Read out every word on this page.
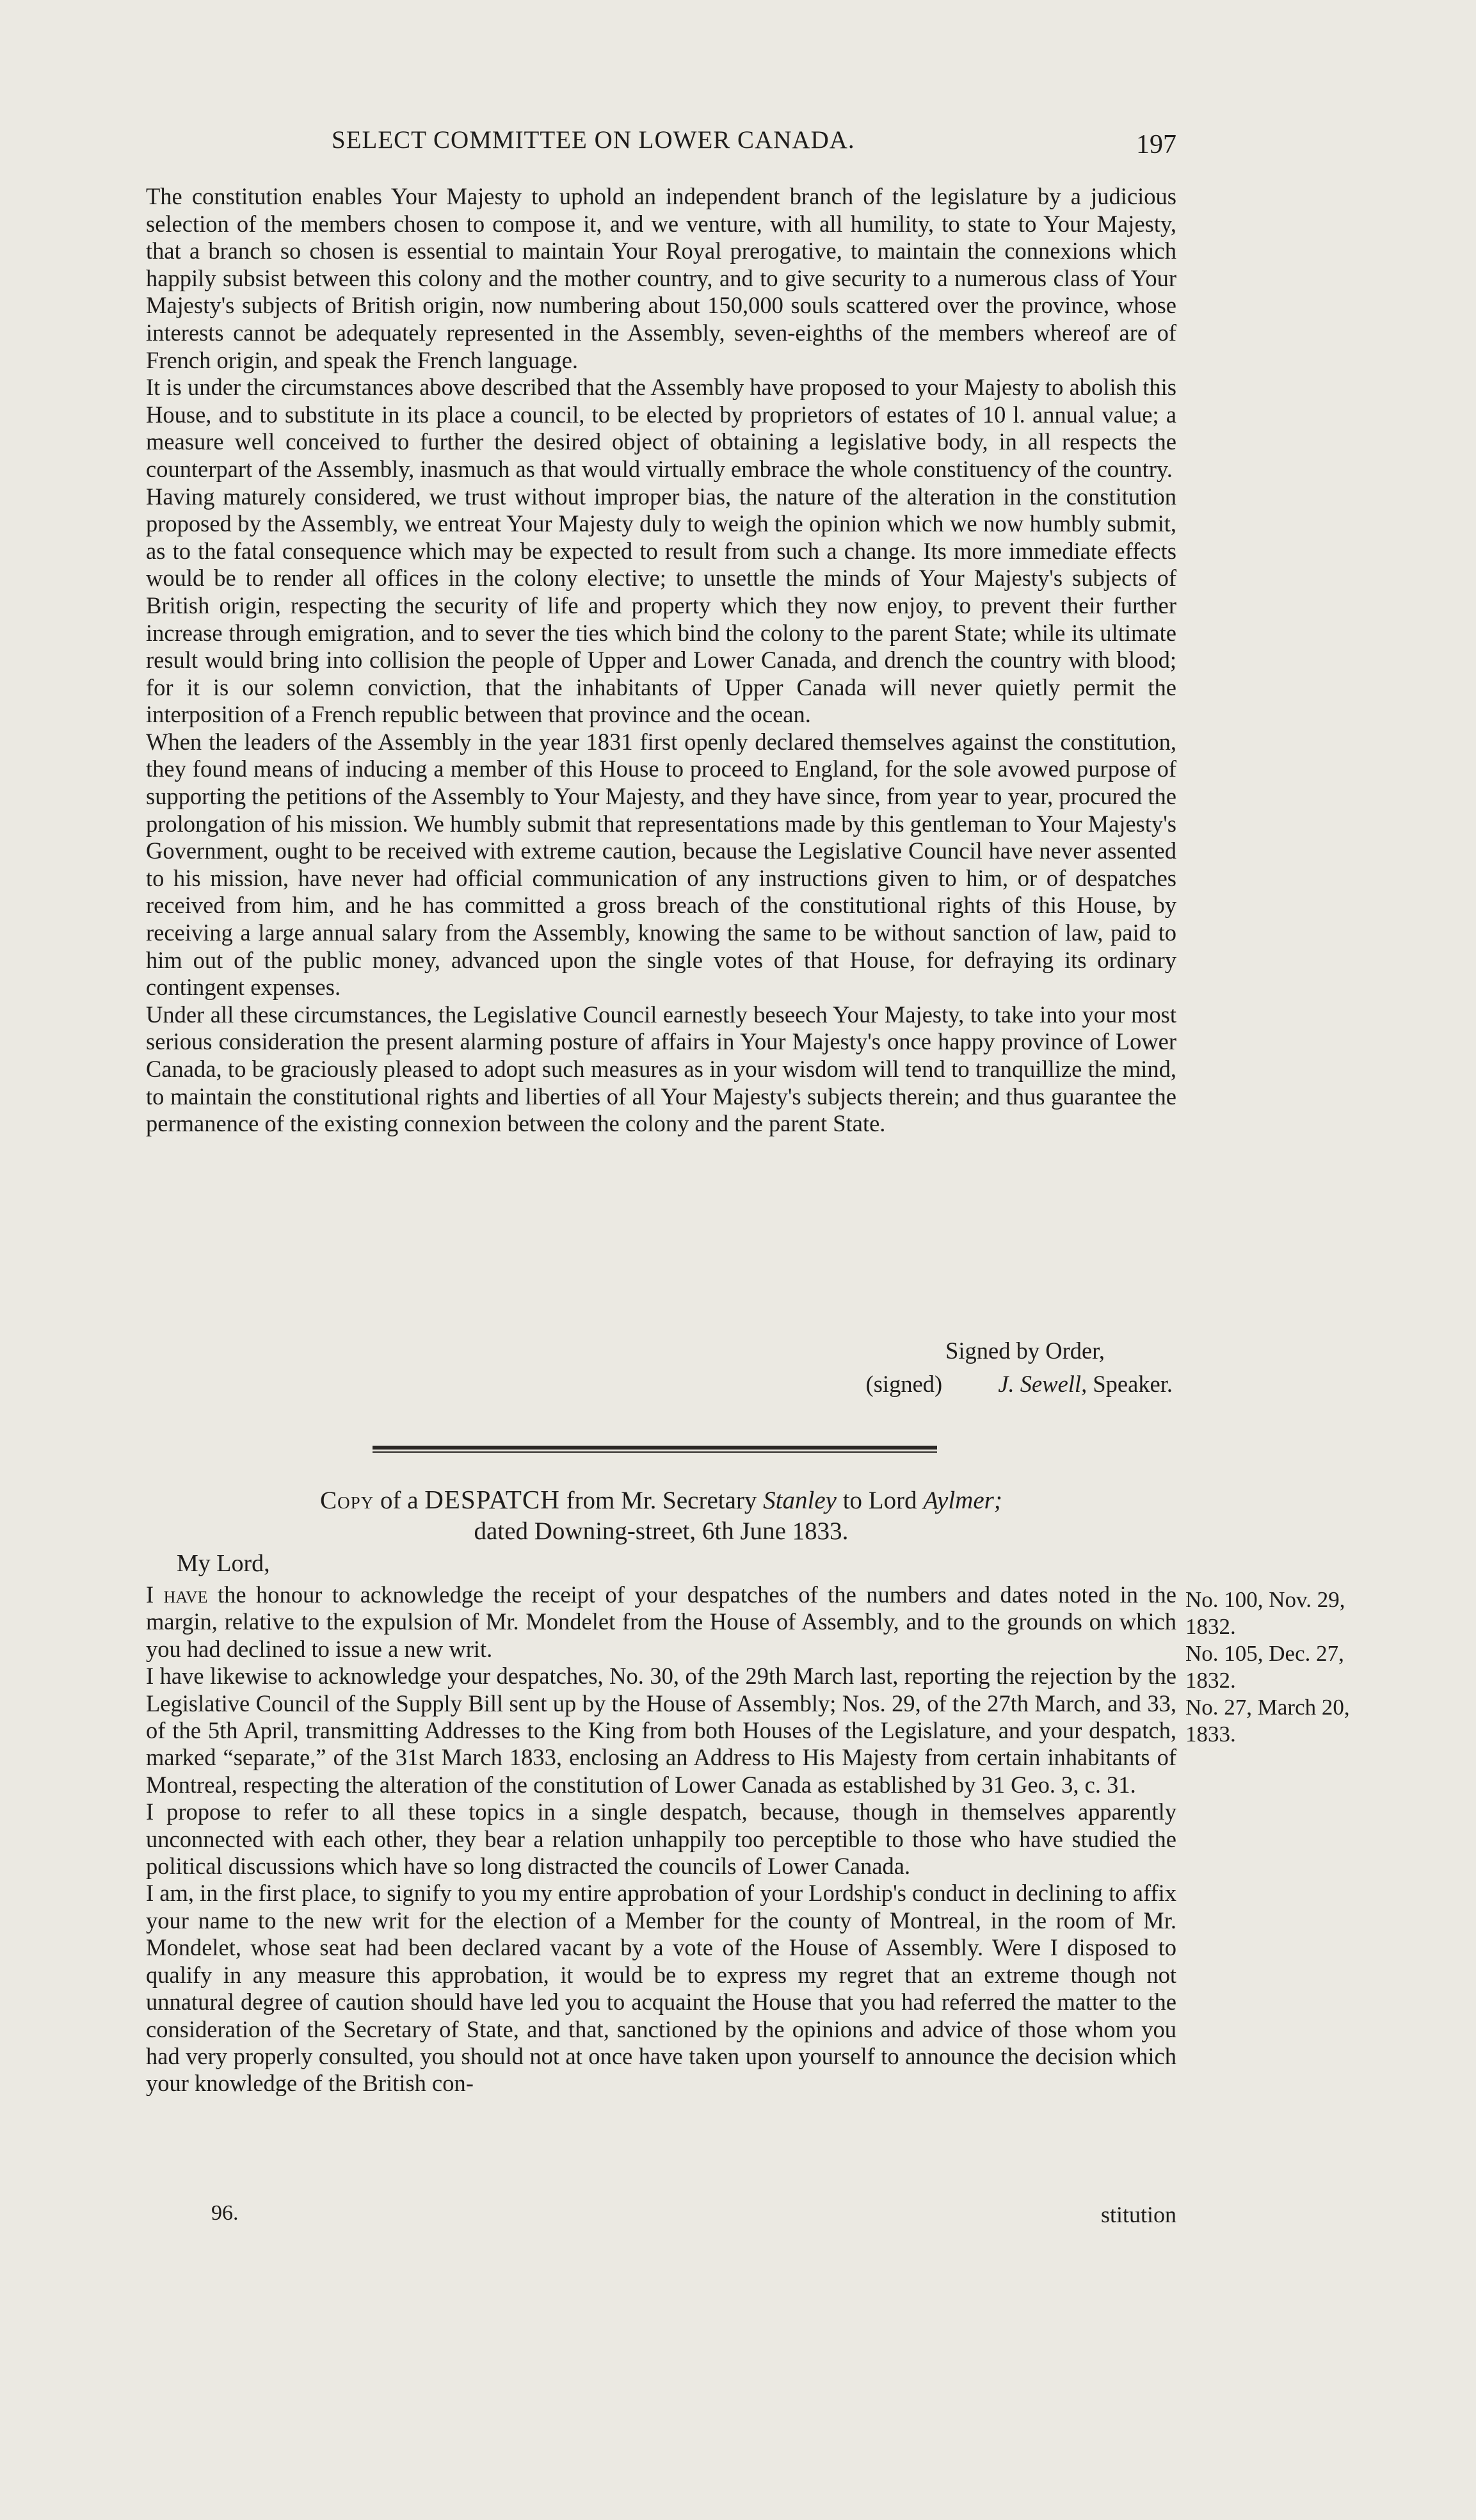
SELECT COMMITTEE ON LOWER CANADA.	197

The constitution enables Your Majesty to uphold an independent branch of the legislature by a judicious selection of the members chosen to compose it, and we venture, with all humility, to state to Your Majesty, that a branch so chosen is essential to maintain Your Royal prerogative, to maintain the connexions which happily subsist between this colony and the mother country, and to give security to a numerous class of Your Majesty's subjects of British origin, now numbering about 150,000 souls scattered over the province, whose interests cannot be adequately represented in the Assembly, seven-eighths of the members whereof are of French origin, and speak the French language.

It is under the circumstances above described that the Assembly have proposed to your Majesty to abolish this House, and to substitute in its place a council, to be elected by proprietors of estates of 10 l. annual value; a measure well conceived to further the desired object of obtaining a legislative body, in all respects the counterpart of the Assembly, inasmuch as that would virtually embrace the whole constituency of the country.

Having maturely considered, we trust without improper bias, the nature of the alteration in the constitution proposed by the Assembly, we entreat Your Majesty duly to weigh the opinion which we now humbly submit, as to the fatal consequence which may be expected to result from such a change. Its more immediate effects would be to render all offices in the colony elective; to unsettle the minds of Your Majesty's subjects of British origin, respecting the security of life and property which they now enjoy, to prevent their further increase through emigration, and to sever the ties which bind the colony to the parent State; while its ultimate result would bring into collision the people of Upper and Lower Canada, and drench the country with blood; for it is our solemn conviction, that the inhabitants of Upper Canada will never quietly permit the interposition of a French republic between that province and the ocean.

When the leaders of the Assembly in the year 1831 first openly declared themselves against the constitution, they found means of inducing a member of this House to proceed to England, for the sole avowed purpose of supporting the petitions of the Assembly to Your Majesty, and they have since, from year to year, procured the prolongation of his mission. We humbly submit that representations made by this gentleman to Your Majesty's Government, ought to be received with extreme caution, because the Legislative Council have never assented to his mission, have never had official communication of any instructions given to him, or of despatches received from him, and he has committed a gross breach of the constitutional rights of this House, by receiving a large annual salary from the Assembly, knowing the same to be without sanction of law, paid to him out of the public money, advanced upon the single votes of that House, for defraying its ordinary contingent expenses.

Under all these circumstances, the Legislative Council earnestly beseech Your Majesty, to take into your most serious consideration the present alarming posture of affairs in Your Majesty's once happy province of Lower Canada, to be graciously pleased to adopt such measures as in your wisdom will tend to tranquillize the mind, to maintain the constitutional rights and liberties of all Your Majesty's subjects therein; and thus guarantee the permanence of the existing connexion between the colony and the parent State.

Signed by Order,
(signed) J. Sewell, Speaker.
Copy of a DESPATCH from Mr. Secretary Stanley to Lord Aylmer;
dated Downing-street, 6th June 1833.
My Lord,

I have the honour to acknowledge the receipt of your despatches of the numbers and dates noted in the margin, relative to the expulsion of Mr. Mondelet from the House of Assembly, and to the grounds on which you had declined to issue a new writ.

I have likewise to acknowledge your despatches, No. 30, of the 29th March last, reporting the rejection by the Legislative Council of the Supply Bill sent up by the House of Assembly; Nos. 29, of the 27th March, and 33, of the 5th April, transmitting Addresses to the King from both Houses of the Legislature, and your despatch, marked “separate,” of the 31st March 1833, enclosing an Address to His Majesty from certain inhabitants of Montreal, respecting the alteration of the constitution of Lower Canada as established by 31 Geo. 3, c. 31.

I propose to refer to all these topics in a single despatch, because, though in themselves apparently unconnected with each other, they bear a relation unhappily too perceptible to those who have studied the political discussions which have so long distracted the councils of Lower Canada.

I am, in the first place, to signify to you my entire approbation of your Lordship's conduct in declining to affix your name to the new writ for the election of a Member for the county of Montreal, in the room of Mr. Mondelet, whose seat had been declared vacant by a vote of the House of Assembly. Were I disposed to qualify in any measure this approbation, it would be to express my regret that an extreme though not unnatural degree of caution should have led you to acquaint the House that you had referred the matter to the consideration of the Secretary of State, and that, sanctioned by the opinions and advice of those whom you had very properly consulted, you should not at once have taken upon yourself to announce the decision which your knowledge of the British con-

No. 100, Nov. 29,
1832.
No. 105, Dec. 27,
1832.
No. 27, March 20,
1833.
96.	stitution
